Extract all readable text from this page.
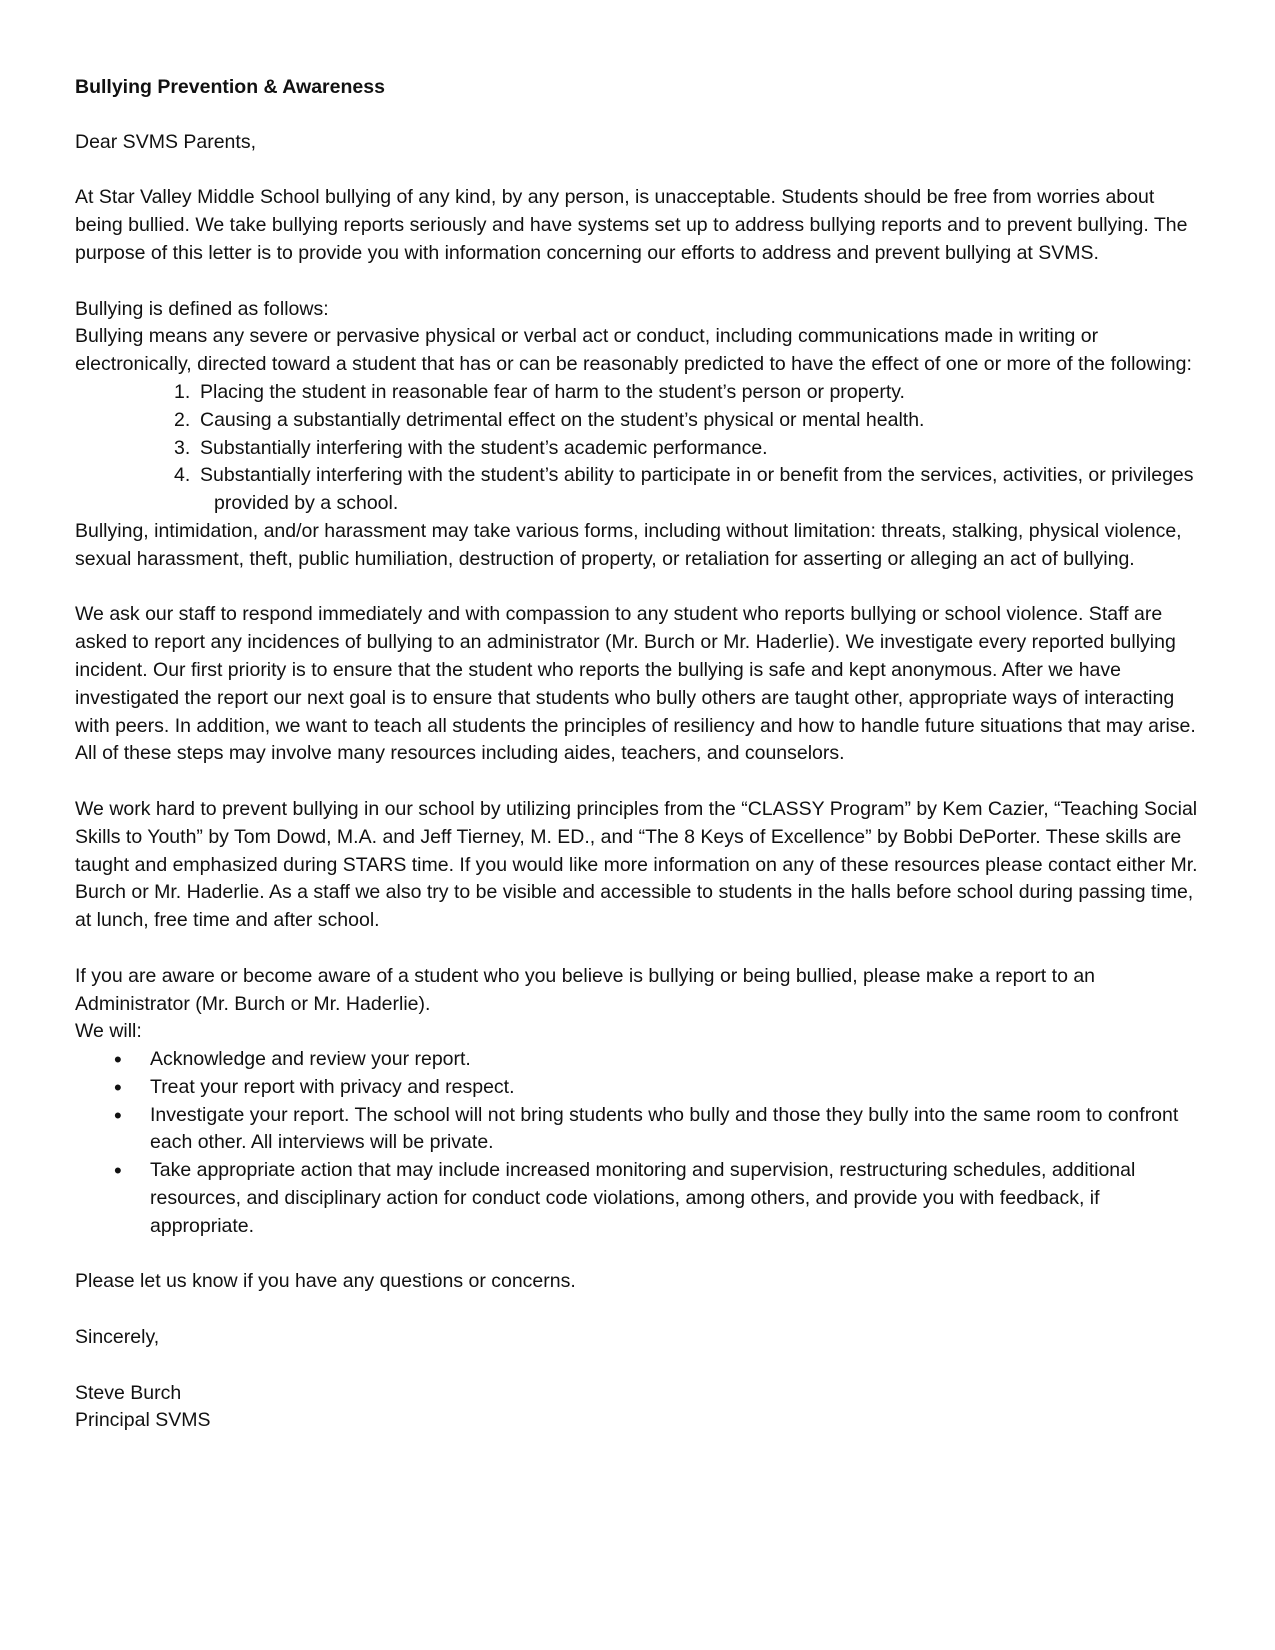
Bullying Prevention & Awareness

Dear SVMS Parents,

At Star Valley Middle School bullying of any kind, by any person, is unacceptable. Students should be free from worries about being bullied. We take bullying reports seriously and have systems set up to address bullying reports and to prevent bullying. The purpose of this letter is to provide you with information concerning our efforts to address and prevent bullying at SVMS.

Bullying is defined as follows:
Bullying means any severe or pervasive physical or verbal act or conduct, including communications made in writing or electronically, directed toward a student that has or can be reasonably predicted to have the effect of one or more of the following:
1. Placing the student in reasonable fear of harm to the student’s person or property.
2. Causing a substantially detrimental effect on the student’s physical or mental health.
3. Substantially interfering with the student’s academic performance.
4. Substantially interfering with the student’s ability to participate in or benefit from the services, activities, or privileges provided by a school.

Bullying, intimidation, and/or harassment may take various forms, including without limitation: threats, stalking, physical violence, sexual harassment, theft, public humiliation, destruction of property, or retaliation for asserting or alleging an act of bullying.

We ask our staff to respond immediately and with compassion to any student who reports bullying or school violence. Staff are asked to report any incidences of bullying to an administrator (Mr. Burch or Mr. Haderlie). We investigate every reported bullying incident. Our first priority is to ensure that the student who reports the bullying is safe and kept anonymous. After we have investigated the report our next goal is to ensure that students who bully others are taught other, appropriate ways of interacting with peers. In addition, we want to teach all students the principles of resiliency and how to handle future situations that may arise. All of these steps may involve many resources including aides, teachers, and counselors.

We work hard to prevent bullying in our school by utilizing principles from the “CLASSY Program” by Kem Cazier, “Teaching Social Skills to Youth” by Tom Dowd, M.A. and Jeff Tierney, M. ED., and “The 8 Keys of Excellence” by Bobbi DePorter. These skills are taught and emphasized during STARS time. If you would like more information on any of these resources please contact either Mr. Burch or Mr. Haderlie. As a staff we also try to be visible and accessible to students in the halls before school during passing time, at lunch, free time and after school.

If you are aware or become aware of a student who you believe is bullying or being bullied, please make a report to an Administrator (Mr. Burch or Mr. Haderlie).
We will:
• Acknowledge and review your report.
• Treat your report with privacy and respect.
• Investigate your report. The school will not bring students who bully and those they bully into the same room to confront each other. All interviews will be private.
• Take appropriate action that may include increased monitoring and supervision, restructuring schedules, additional resources, and disciplinary action for conduct code violations, among others, and provide you with feedback, if appropriate.

Please let us know if you have any questions or concerns.

Sincerely,

Steve Burch
Principal SVMS
